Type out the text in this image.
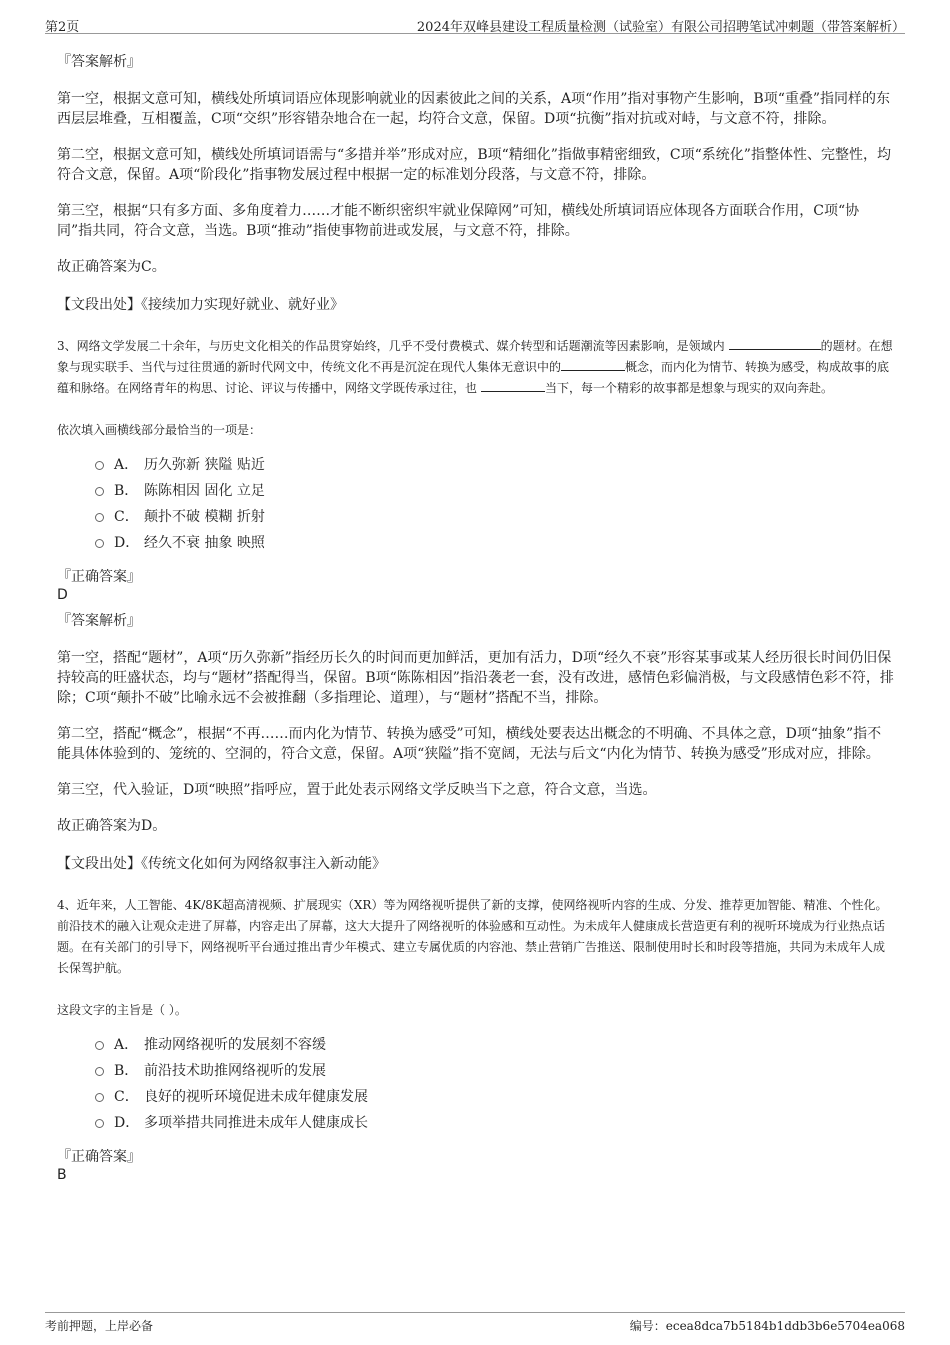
第2页	2024年双峰县建设工程质量检测（试验室）有限公司招聘笔试冲刺题（带答案解析）
『答案解析』

第一空，根据文意可知，横线处所填词语应体现影响就业的因素彼此之间的关系，A项“作用”指对事物产生影响，B项“重叠”指同样的东西层层堆叠，互相覆盖，C项“交织”形容错杂地合在一起，均符合文意，保留。D项“抗衡”指对抗或对峙，与文意不符，排除。

第二空，根据文意可知，横线处所填词语需与“多措并举”形成对应，B项“精细化”指做事精密细致，C项“系统化”指整体性、完整性，均符合文意，保留。A项“阶段化”指事物发展过程中根据一定的标准划分段落，与文意不符，排除。

第三空，根据“只有多方面、多角度着力……才能不断织密织牢就业保障网”可知，横线处所填词语应体现各方面联合作用，C项“协同”指共同，符合文意，当选。B项“推动”指使事物前进或发展，与文意不符，排除。

故正确答案为C。

【文段出处】《接续加力实现好就业、就好业》
3、网络文学发展二十余年，与历史文化相关的作品贯穿始终，几乎不受付费模式、媒介转型和话题潮流等因素影响，是领域内	的题材。在想象与现实联手、当代与过往贯通的新时代网文中，传统文化不再是沉淀在现代人集体无意识中的	概念，而内化为情节、转换为感受，构成故事的底蕴和脉络。在网络青年的构思、讨论、评议与传播中，网络文学既传承过往，也	当下，每一个精彩的故事都是想象与现实的双向奔赴。
依次填入画横线部分最恰当的一项是：
A． 历久弥新 狭隘 贴近
B． 陈陈相因 固化 立足
C． 颠扑不破 模糊 折射
D． 经久不衰 抽象 映照
『正确答案』
D
『答案解析』

第一空，搭配“题材”，A项“历久弥新”指经历长久的时间而更加鲜活，更加有活力，D项“经久不衰”形容某事或某人经历很长时间仍旧保持较高的旺盛状态，均与“题材”搭配得当，保留。B项“陈陈相因”指沿袭老一套，没有改进，感情色彩偏消极，与文段感情色彩不符，排除；C项“颠扑不破”比喻永远不会被推翻（多指理论、道理），与“题材”搭配不当，排除。

第二空，搭配“概念”，根据“不再……而内化为情节、转换为感受”可知，横线处要表达出概念的不明确、不具体之意，D项“抽象”指不能具体体验到的、笼统的、空洞的，符合文意，保留。A项“狭隘”指不宽阔，无法与后文“内化为情节、转换为感受”形成对应，排除。

第三空，代入验证，D项“映照”指呼应，置于此处表示网络文学反映当下之意，符合文意，当选。

故正确答案为D。

【文段出处】《传统文化如何为网络叙事注入新动能》
4、近年来，人工智能、4K/8K超高清视频、扩展现实（XR）等为网络视听提供了新的支撑，使网络视听内容的生成、分发、推荐更加智能、精准、个性化。前沿技术的融入让观众走进了屏幕，内容走出了屏幕，这大大提升了网络视听的体验感和互动性。为未成年人健康成长营造更有利的视听环境成为行业热点话题。在有关部门的引导下，网络视听平台通过推出青少年模式、建立专属优质的内容池、禁止营销广告推送、限制使用时长和时段等措施，共同为未成年人成长保驾护航。
这段文字的主旨是（ ）。
A． 推动网络视听的发展刻不容缓
B． 前沿技术助推网络视听的发展
C． 良好的视听环境促进未成年健康发展
D． 多项举措共同推进未成年人健康成长
『正确答案』
B
考前押题，上岸必备	编号：ecea8dca7b5184b1ddb3b6e5704ea068
